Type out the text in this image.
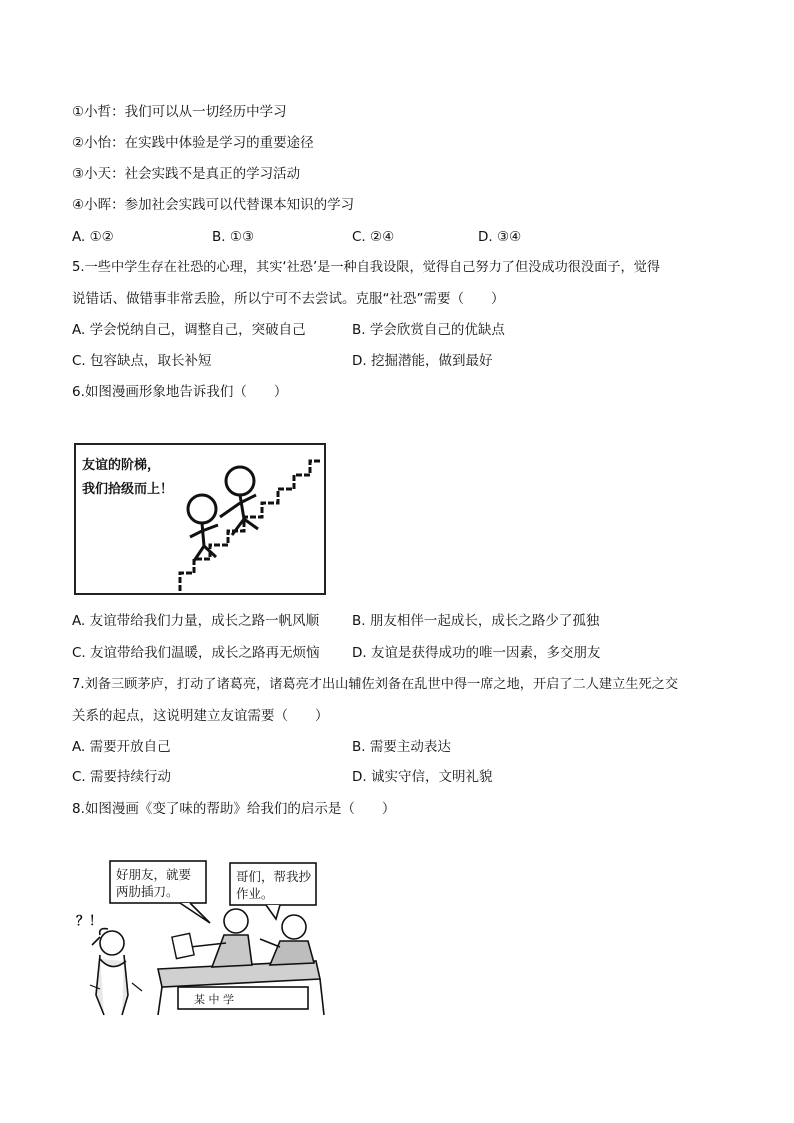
①小哲：我们可以从一切经历中学习
②小怡：在实践中体验是学习的重要途径
③小天：社会实践不是真正的学习活动
④小晖：参加社会实践可以代替课本知识的学习
A. ①②	B. ①③	C. ②④	D. ③④
5.一些中学生存在社恐的心理，其实‘社恐’是一种自我设限，觉得自己努力了但没成功很没面子，觉得
说错话、做错事非常丢脸，所以宁可不去尝试。克服“社恐”需要（　　）
A. 学会悦纳自己，调整自己，突破自己	B. 学会欣赏自己的优缺点
C. 包容缺点，取长补短	D. 挖掘潜能，做到最好
6.如图漫画形象地告诉我们（　　）
友谊的阶梯，
我们拾级而上！
A. 友谊带给我们力量，成长之路一帆风顺 B. 朋友相伴一起成长，成长之路少了孤独
C. 友谊带给我们温暖，成长之路再无烦恼 D. 友谊是获得成功的唯一因素，多交朋友
7.刘备三顾茅庐，打动了诸葛亮，诸葛亮才出山辅佐刘备在乱世中得一席之地，开启了二人建立生死之交
关系的起点，这说明建立友谊需要（　　）
A. 需要开放自己	B. 需要主动表达
C. 需要持续行动	D. 诚实守信，文明礼貌
8.如图漫画《变了味的帮助》给我们的启示是（　　）
好朋友，就要
两肋插刀。
哥们，帮我抄
作业。
？！
某 中 学
